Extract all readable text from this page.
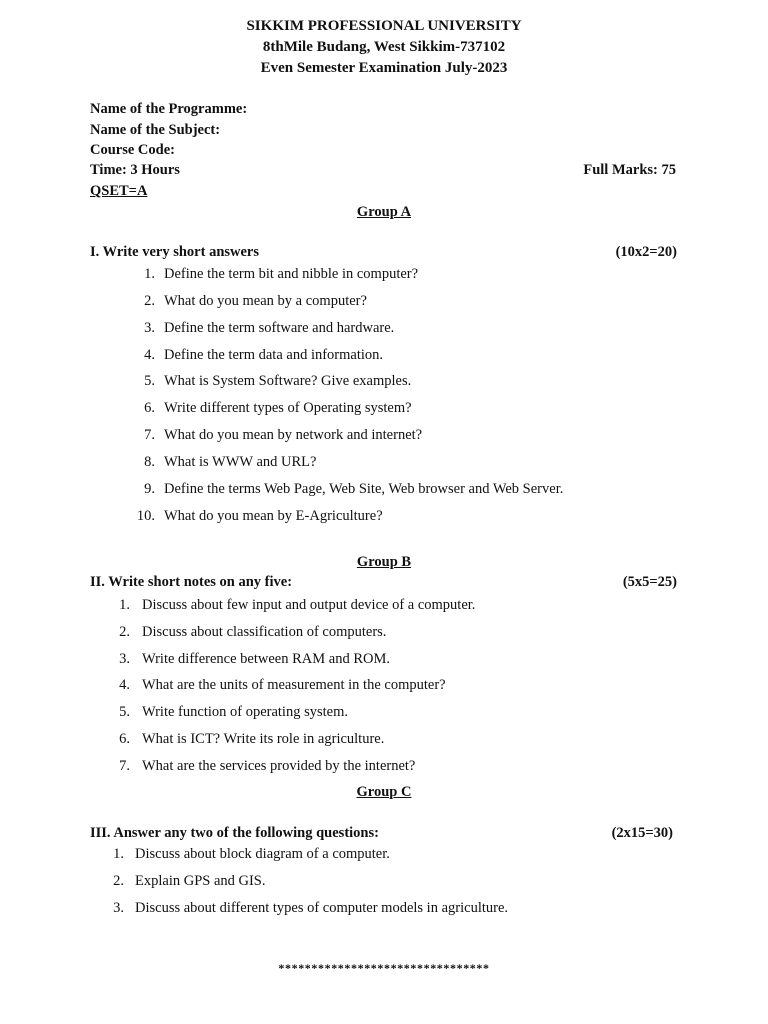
SIKKIM PROFESSIONAL UNIVERSITY
8thMile Budang, West Sikkim-737102
Even Semester Examination July-2023
Name of the Programme:
Name of the Subject:
Course Code:
Time: 3 Hours	Full Marks: 75
QSET=A
Group A
I. Write very short answers	(10x2=20)
1. Define the term bit and nibble in computer?
2. What do you mean by a computer?
3. Define the term software and hardware.
4. Define the term data and information.
5. What is System Software? Give examples.
6. Write different types of Operating system?
7. What do you mean by network and internet?
8. What is WWW and URL?
9. Define the terms Web Page, Web Site, Web browser and Web Server.
10. What do you mean by E-Agriculture?
Group B
II. Write short notes on any five:	(5x5=25)
1. Discuss about few input and output device of a computer.
2. Discuss about classification of computers.
3. Write difference between RAM and ROM.
4. What are the units of measurement in the computer?
5. Write function of operating system.
6. What is ICT? Write its role in agriculture.
7. What are the services provided by the internet?
Group C
III. Answer any two of the following questions:	(2x15=30)
1. Discuss about block diagram of a computer.
2. Explain GPS and GIS.
3. Discuss about different types of computer models in agriculture.
********************************
